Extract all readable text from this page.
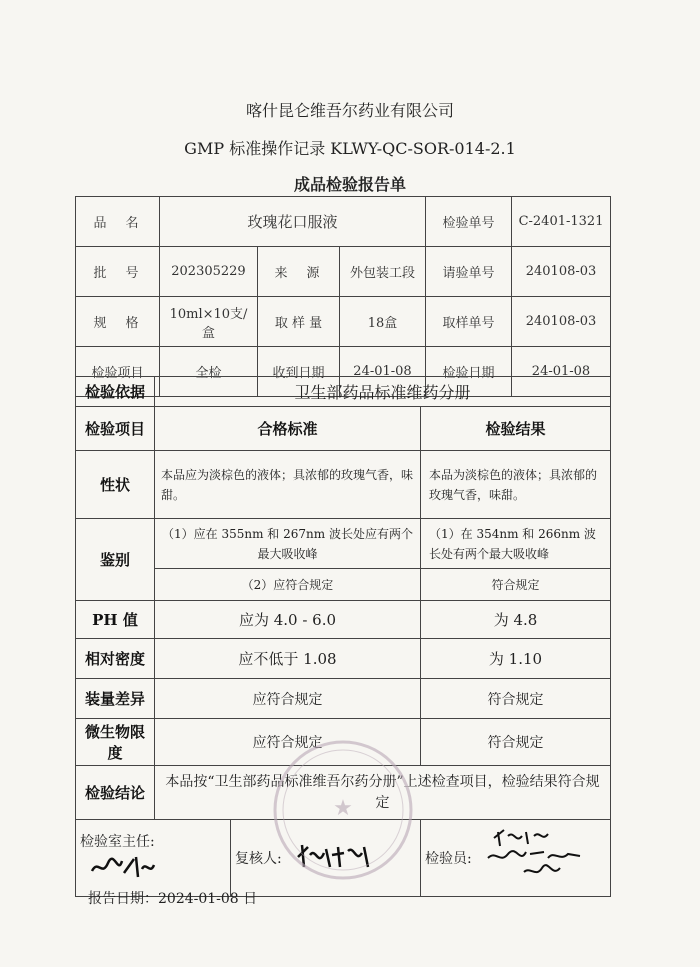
喀什昆仑维吾尔药业有限公司
GMP 标准操作记录 KLWY-QC-SOR-014-2.1
成品检验报告单
品　名	玫瑰花口服液			检验单号	C-2401-1321
批　号	202305229	来　源	外包装工段	请验单号	240108-03
规　格	10ml×10支/盒	取 样 量	18盒	取样单号	240108-03
检验项目	全检	收到日期	24-01-08	检验日期	24-01-08
检验依据	卫生部药品标准维药分册		
检验项目	合格标准		检验结果
性状	本品应为淡棕色的液体；具浓郁的玫瑰气香，味甜。		本品为淡棕色的液体；具浓郁的玫瑰气香，味甜。
鉴别	（1）应在 355nm 和 267nm 波长处应有两个最大吸收峰		（1）在 354nm 和 266nm 波长处有两个最大吸收峰
	（2）应符合规定		符合规定
PH 值	应为 4.0 - 6.0		为 4.8
相对密度	应不低于 1.08		为 1.10
装量差异	应符合规定		符合规定
微生物限度	应符合规定		符合规定
检验结论	本品按“卫生部药品标准维吾尔药分册”上述检查项目，检验结果符合规定		
检验室主任:		复核人:	检验员:
★
报告日期：2024-01-08 日
